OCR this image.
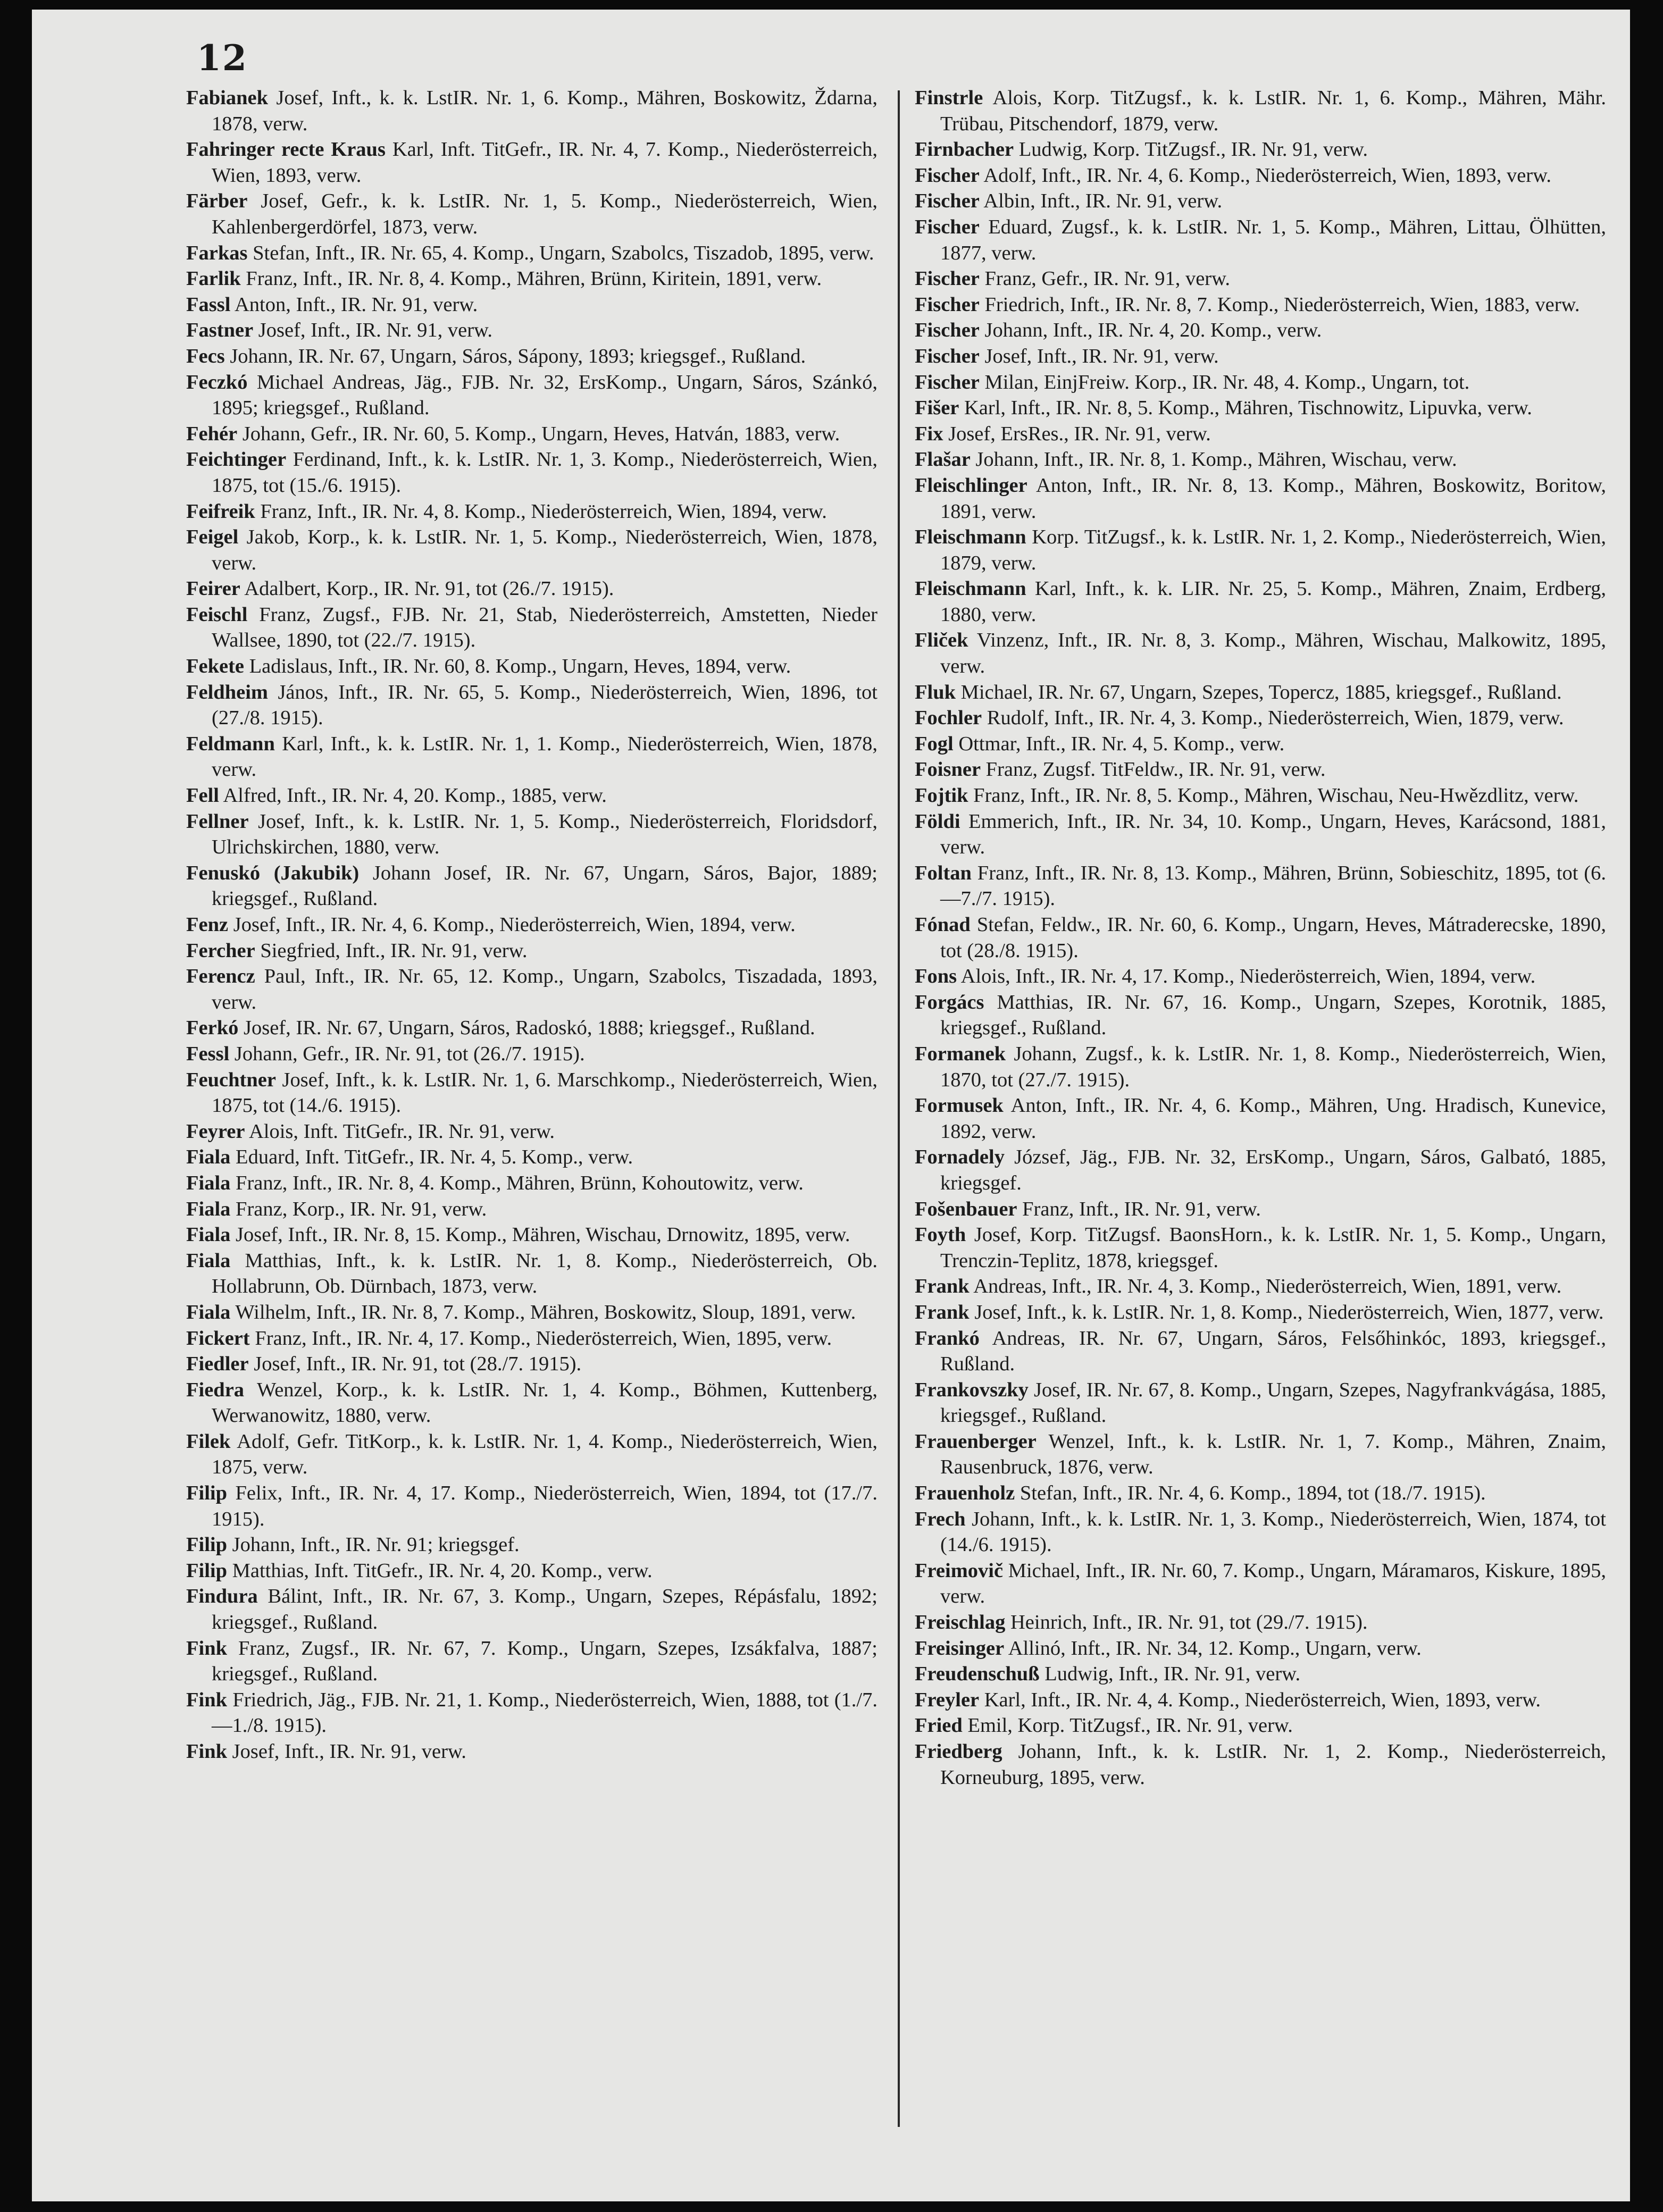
12
Fabianek Josef, Inft., k. k. LstIR. Nr. 1, 6. Komp., Mähren, Boskowitz, Ždarna, 1878, verw.
Fahringer recte Kraus Karl, Inft. TitGefr., IR. Nr. 4, 7. Komp., Niederösterreich, Wien, 1893, verw.
Färber Josef, Gefr., k. k. LstIR. Nr. 1, 5. Komp., Niederösterreich, Wien, Kahlenbergerdörfel, 1873, verw.
Farkas Stefan, Inft., IR. Nr. 65, 4. Komp., Ungarn, Szabolcs, Tiszadob, 1895, verw.
Farlik Franz, Inft., IR. Nr. 8, 4. Komp., Mähren, Brünn, Kiritein, 1891, verw.
Fassl Anton, Inft., IR. Nr. 91, verw.
Fastner Josef, Inft., IR. Nr. 91, verw.
Fecs Johann, IR. Nr. 67, Ungarn, Sáros, Sápony, 1893; kriegsgef., Rußland.
Feczkó Michael Andreas, Jäg., FJB. Nr. 32, ErsKomp., Ungarn, Sáros, Szánkó, 1895; kriegsgef., Rußland.
Fehér Johann, Gefr., IR. Nr. 60, 5. Komp., Ungarn, Heves, Hatván, 1883, verw.
Feichtinger Ferdinand, Inft., k. k. LstIR. Nr. 1, 3. Komp., Niederösterreich, Wien, 1875, tot (15./6. 1915).
Feifreik Franz, Inft., IR. Nr. 4, 8. Komp., Niederösterreich, Wien, 1894, verw.
Feigel Jakob, Korp., k. k. LstIR. Nr. 1, 5. Komp., Niederösterreich, Wien, 1878, verw.
Feirer Adalbert, Korp., IR. Nr. 91, tot (26./7. 1915).
Feischl Franz, Zugsf., FJB. Nr. 21, Stab, Niederösterreich, Amstetten, Nieder Wallsee, 1890, tot (22./7. 1915).
Fekete Ladislaus, Inft., IR. Nr. 60, 8. Komp., Ungarn, Heves, 1894, verw.
Feldheim János, Inft., IR. Nr. 65, 5. Komp., Niederösterreich, Wien, 1896, tot (27./8. 1915).
Feldmann Karl, Inft., k. k. LstIR. Nr. 1, 1. Komp., Niederösterreich, Wien, 1878, verw.
Fell Alfred, Inft., IR. Nr. 4, 20. Komp., 1885, verw.
Fellner Josef, Inft., k. k. LstIR. Nr. 1, 5. Komp., Niederösterreich, Floridsdorf, Ulrichskirchen, 1880, verw.
Fenuskó (Jakubik) Johann Josef, IR. Nr. 67, Ungarn, Sáros, Bajor, 1889; kriegsgef., Rußland.
Fenz Josef, Inft., IR. Nr. 4, 6. Komp., Niederösterreich, Wien, 1894, verw.
Fercher Siegfried, Inft., IR. Nr. 91, verw.
Ferencz Paul, Inft., IR. Nr. 65, 12. Komp., Ungarn, Szabolcs, Tiszadada, 1893, verw.
Ferkó Josef, IR. Nr. 67, Ungarn, Sáros, Radoskó, 1888; kriegsgef., Rußland.
Fessl Johann, Gefr., IR. Nr. 91, tot (26./7. 1915).
Feuchtner Josef, Inft., k. k. LstIR. Nr. 1, 6. Marschkomp., Niederösterreich, Wien, 1875, tot (14./6. 1915).
Feyrer Alois, Inft. TitGefr., IR. Nr. 91, verw.
Fiala Eduard, Inft. TitGefr., IR. Nr. 4, 5. Komp., verw.
Fiala Franz, Inft., IR. Nr. 8, 4. Komp., Mähren, Brünn, Kohoutowitz, verw.
Fiala Franz, Korp., IR. Nr. 91, verw.
Fiala Josef, Inft., IR. Nr. 8, 15. Komp., Mähren, Wischau, Drnowitz, 1895, verw.
Fiala Matthias, Inft., k. k. LstIR. Nr. 1, 8. Komp., Niederösterreich, Ob. Hollabrunn, Ob. Dürnbach, 1873, verw.
Fiala Wilhelm, Inft., IR. Nr. 8, 7. Komp., Mähren, Boskowitz, Sloup, 1891, verw.
Fickert Franz, Inft., IR. Nr. 4, 17. Komp., Niederösterreich, Wien, 1895, verw.
Fiedler Josef, Inft., IR. Nr. 91, tot (28./7. 1915).
Fiedra Wenzel, Korp., k. k. LstIR. Nr. 1, 4. Komp., Böhmen, Kuttenberg, Werwanowitz, 1880, verw.
Filek Adolf, Gefr. TitKorp., k. k. LstIR. Nr. 1, 4. Komp., Niederösterreich, Wien, 1875, verw.
Filip Felix, Inft., IR. Nr. 4, 17. Komp., Niederösterreich, Wien, 1894, tot (17./7. 1915).
Filip Johann, Inft., IR. Nr. 91; kriegsgef.
Filip Matthias, Inft. TitGefr., IR. Nr. 4, 20. Komp., verw.
Findura Bálint, Inft., IR. Nr. 67, 3. Komp., Ungarn, Szepes, Répásfalu, 1892; kriegsgef., Rußland.
Fink Franz, Zugsf., IR. Nr. 67, 7. Komp., Ungarn, Szepes, Izsákfalva, 1887; kriegsgef., Rußland.
Fink Friedrich, Jäg., FJB. Nr. 21, 1. Komp., Niederösterreich, Wien, 1888, tot (1./7.—1./8. 1915).
Fink Josef, Inft., IR. Nr. 91, verw.
Finstrle Alois, Korp. TitZugsf., k. k. LstIR. Nr. 1, 6. Komp., Mähren, Mähr. Trübau, Pitschendorf, 1879, verw.
Firnbacher Ludwig, Korp. TitZugsf., IR. Nr. 91, verw.
Fischer Adolf, Inft., IR. Nr. 4, 6. Komp., Niederösterreich, Wien, 1893, verw.
Fischer Albin, Inft., IR. Nr. 91, verw.
Fischer Eduard, Zugsf., k. k. LstIR. Nr. 1, 5. Komp., Mähren, Littau, Ölhütten, 1877, verw.
Fischer Franz, Gefr., IR. Nr. 91, verw.
Fischer Friedrich, Inft., IR. Nr. 8, 7. Komp., Niederösterreich, Wien, 1883, verw.
Fischer Johann, Inft., IR. Nr. 4, 20. Komp., verw.
Fischer Josef, Inft., IR. Nr. 91, verw.
Fischer Milan, EinjFreiw. Korp., IR. Nr. 48, 4. Komp., Ungarn, tot.
Fišer Karl, Inft., IR. Nr. 8, 5. Komp., Mähren, Tischnowitz, Lipuvka, verw.
Fix Josef, ErsRes., IR. Nr. 91, verw.
Flašar Johann, Inft., IR. Nr. 8, 1. Komp., Mähren, Wischau, verw.
Fleischlinger Anton, Inft., IR. Nr. 8, 13. Komp., Mähren, Boskowitz, Boritow, 1891, verw.
Fleischmann Korp. TitZugsf., k. k. LstIR. Nr. 1, 2. Komp., Niederösterreich, Wien, 1879, verw.
Fleischmann Karl, Inft., k. k. LIR. Nr. 25, 5. Komp., Mähren, Znaim, Erdberg, 1880, verw.
Fliček Vinzenz, Inft., IR. Nr. 8, 3. Komp., Mähren, Wischau, Malkowitz, 1895, verw.
Fluk Michael, IR. Nr. 67, Ungarn, Szepes, Topercz, 1885, kriegsgef., Rußland.
Fochler Rudolf, Inft., IR. Nr. 4, 3. Komp., Niederösterreich, Wien, 1879, verw.
Fogl Ottmar, Inft., IR. Nr. 4, 5. Komp., verw.
Foisner Franz, Zugsf. TitFeldw., IR. Nr. 91, verw.
Fojtik Franz, Inft., IR. Nr. 8, 5. Komp., Mähren, Wischau, Neu-Hwězdlitz, verw.
Földi Emmerich, Inft., IR. Nr. 34, 10. Komp., Ungarn, Heves, Karácsond, 1881, verw.
Foltan Franz, Inft., IR. Nr. 8, 13. Komp., Mähren, Brünn, Sobieschitz, 1895, tot (6.—7./7. 1915).
Fónad Stefan, Feldw., IR. Nr. 60, 6. Komp., Ungarn, Heves, Mátraderecske, 1890, tot (28./8. 1915).
Fons Alois, Inft., IR. Nr. 4, 17. Komp., Niederösterreich, Wien, 1894, verw.
Forgács Matthias, IR. Nr. 67, 16. Komp., Ungarn, Szepes, Korotnik, 1885, kriegsgef., Rußland.
Formanek Johann, Zugsf., k. k. LstIR. Nr. 1, 8. Komp., Niederösterreich, Wien, 1870, tot (27./7. 1915).
Formusek Anton, Inft., IR. Nr. 4, 6. Komp., Mähren, Ung. Hradisch, Kunevice, 1892, verw.
Fornadely József, Jäg., FJB. Nr. 32, ErsKomp., Ungarn, Sáros, Galbató, 1885, kriegsgef.
Fošenbauer Franz, Inft., IR. Nr. 91, verw.
Foyth Josef, Korp. TitZugsf. BaonsHorn., k. k. LstIR. Nr. 1, 5. Komp., Ungarn, Trenczin-Teplitz, 1878, kriegsgef.
Frank Andreas, Inft., IR. Nr. 4, 3. Komp., Niederösterreich, Wien, 1891, verw.
Frank Josef, Inft., k. k. LstIR. Nr. 1, 8. Komp., Niederösterreich, Wien, 1877, verw.
Frankó Andreas, IR. Nr. 67, Ungarn, Sáros, Felsőhinkóc, 1893, kriegsgef., Rußland.
Frankovszky Josef, IR. Nr. 67, 8. Komp., Ungarn, Szepes, Nagyfrankvágása, 1885, kriegsgef., Rußland.
Frauenberger Wenzel, Inft., k. k. LstIR. Nr. 1, 7. Komp., Mähren, Znaim, Rausenbruck, 1876, verw.
Frauenholz Stefan, Inft., IR. Nr. 4, 6. Komp., 1894, tot (18./7. 1915).
Frech Johann, Inft., k. k. LstIR. Nr. 1, 3. Komp., Niederösterreich, Wien, 1874, tot (14./6. 1915).
Freimovič Michael, Inft., IR. Nr. 60, 7. Komp., Ungarn, Máramaros, Kiskure, 1895, verw.
Freischlag Heinrich, Inft., IR. Nr. 91, tot (29./7. 1915).
Freisinger Allinó, Inft., IR. Nr. 34, 12. Komp., Ungarn, verw.
Freudenschuß Ludwig, Inft., IR. Nr. 91, verw.
Freyler Karl, Inft., IR. Nr. 4, 4. Komp., Niederösterreich, Wien, 1893, verw.
Fried Emil, Korp. TitZugsf., IR. Nr. 91, verw.
Friedberg Johann, Inft., k. k. LstIR. Nr. 1, 2. Komp., Niederösterreich, Korneuburg, 1895, verw.
